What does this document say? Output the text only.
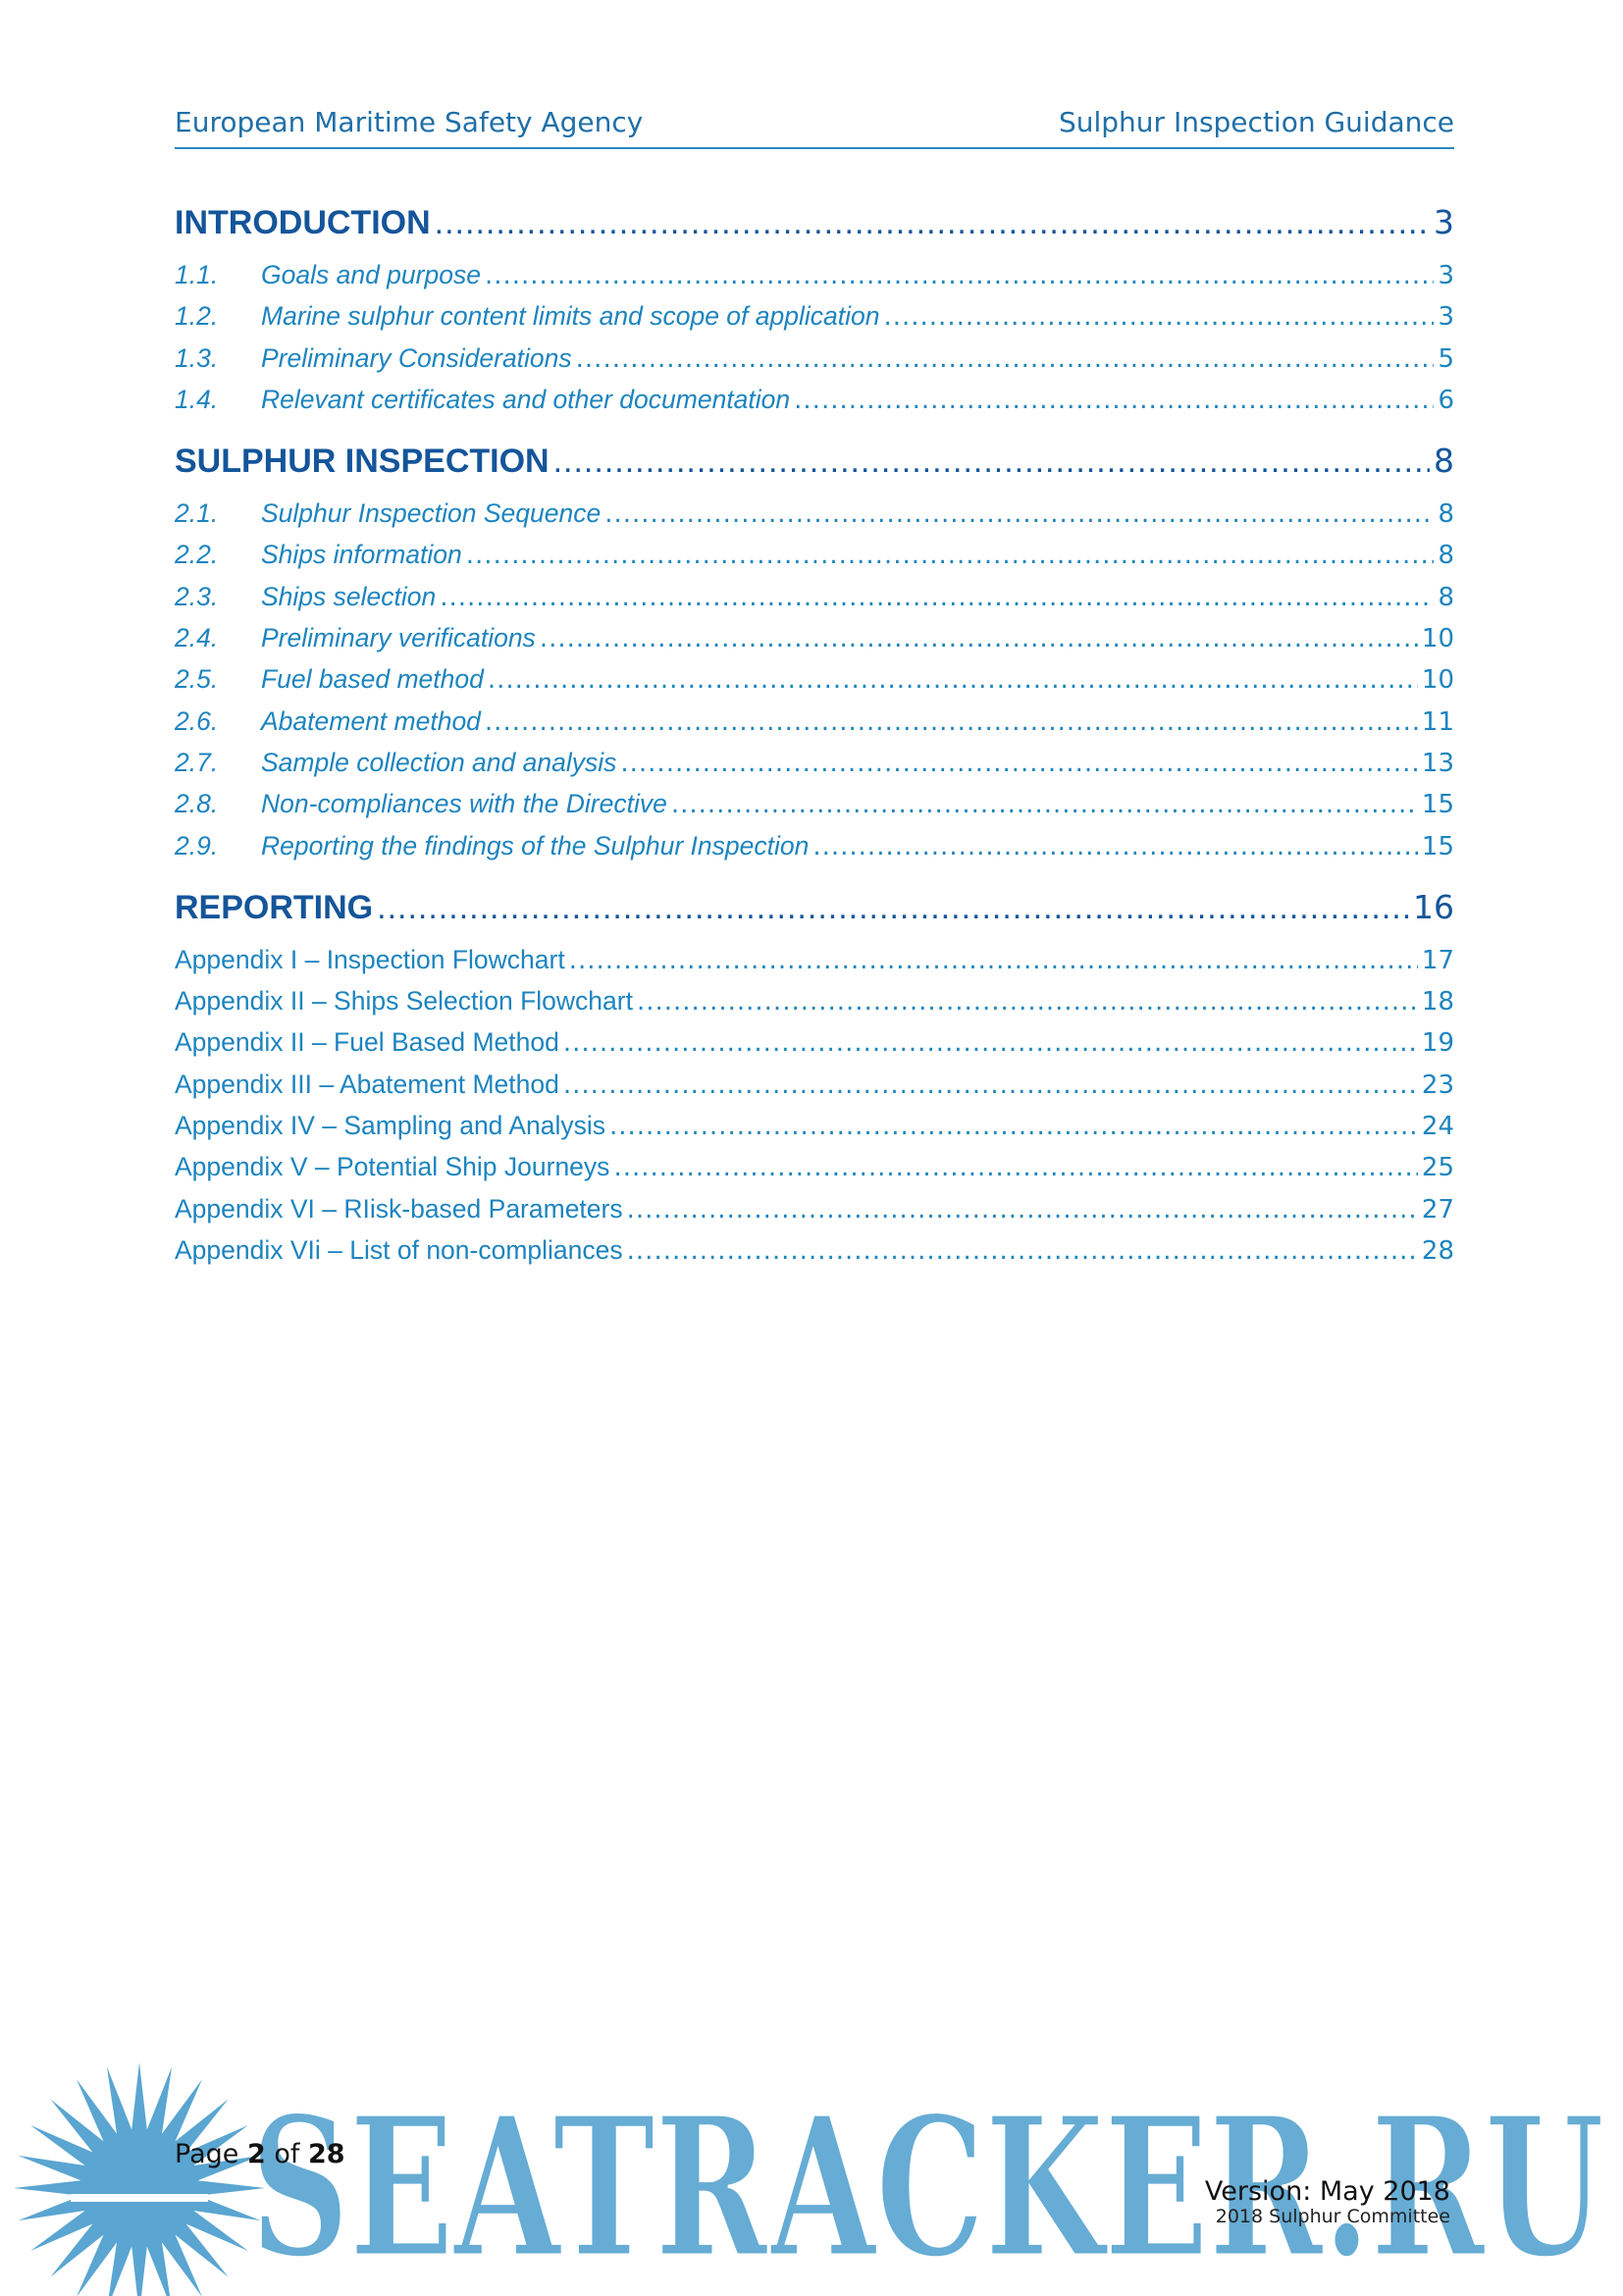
European Maritime Safety Agency	Sulphur Inspection Guidance
INTRODUCTION .....	3
1.1.	Goals and purpose .....	3
1.2.	Marine sulphur content limits and scope of application .....	3
1.3.	Preliminary Considerations .....	5
1.4.	Relevant certificates and other documentation .....	6
SULPHUR INSPECTION .....	8
2.1.	Sulphur Inspection Sequence .....	8
2.2.	Ships information .....	8
2.3.	Ships selection .....	8
2.4.	Preliminary verifications .....	10
2.5.	Fuel based method .....	10
2.6.	Abatement method .....	11
2.7.	Sample collection and analysis .....	13
2.8.	Non-compliances with the Directive .....	15
2.9.	Reporting the findings of the Sulphur Inspection .....	15
REPORTING .....	16
Appendix I – Inspection Flowchart .....	17
Appendix II – Ships Selection Flowchart .....	18
Appendix II – Fuel Based Method .....	19
Appendix III – Abatement Method .....	23
Appendix IV – Sampling and Analysis .....	24
Appendix V – Potential Ship Journeys .....	25
Appendix VI – RIisk-based Parameters .....	27
Appendix VIi – List of non-compliances .....	28
SEATRACKER.RU
Page 2 of 28
Version: May 2018
2018 Sulphur Committee
